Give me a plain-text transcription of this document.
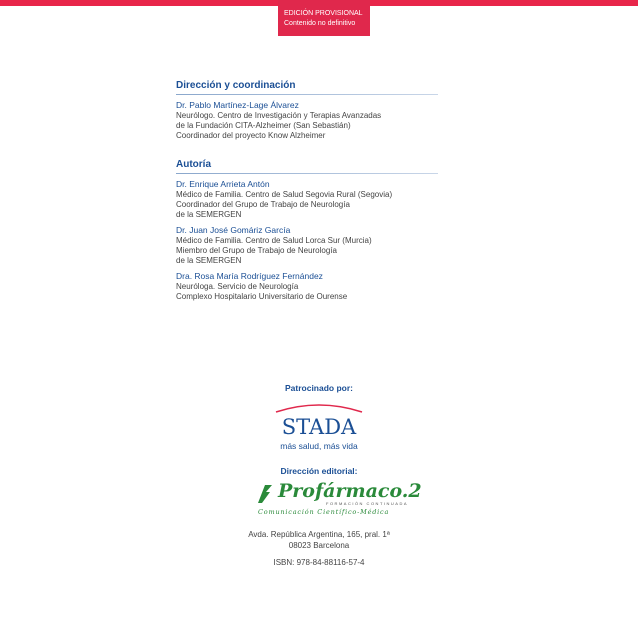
EDICIÓN PROVISIONAL
Contenido no definitivo
Dirección y coordinación
Dr. Pablo Martínez-Lage Álvarez
Neurólogo. Centro de Investigación y Terapias Avanzadas
de la Fundación CITA-Alzheimer (San Sebastián)
Coordinador del proyecto Know Alzheimer
Autoría
Dr. Enrique Arrieta Antón
Médico de Familia. Centro de Salud Segovia Rural (Segovia)
Coordinador del Grupo de Trabajo de Neurología
de la SEMERGEN
Dr. Juan José Gomáriz García
Médico de Familia. Centro de Salud Lorca Sur (Murcia)
Miembro del Grupo de Trabajo de Neurología
de la SEMERGEN
Dra. Rosa María Rodríguez Fernández
Neuróloga. Servicio de Neurología
Complexo Hospitalario Universitario de Ourense
Patrocinado por:
STADA
más salud, más vida
Dirección editorial:
Profármaco.2
FORMACIÓN CONTINUADA
Comunicación Científico-Médica
Avda. República Argentina, 165, pral. 1ª
08023 Barcelona
ISBN: 978-84-88116-57-4
